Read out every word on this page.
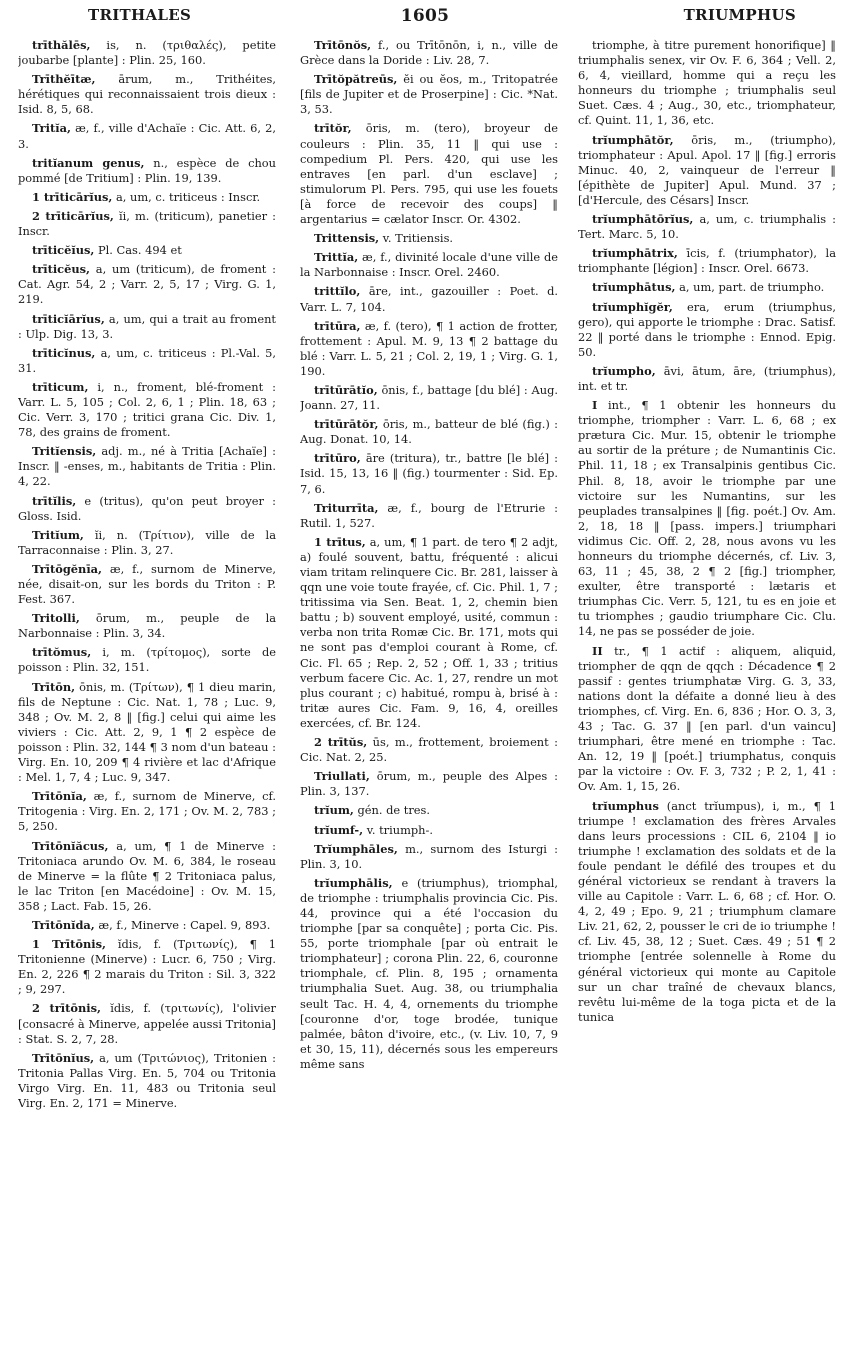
TRITHALES	1605	TRIUMPHUS

trīthălēs, is, n. (τριθαλές), petite joubarbe [plante] : Plin. 25, 160.

Trīthĕītæ, ārum, m., Trithéites, hérétiques qui reconnaissaient trois dieux : Isid. 8, 5, 68.

Tritĭa, æ, f., ville d'Achaïe : Cic. Att. 6, 2, 3.

tritĭanum genus, n., espèce de chou pommé [de Tritium] : Plin. 19, 139.

1 trīticārĭus, a, um, c. triticeus : Inscr.

2 trīticārĭus, ĭi, m. (triticum), panetier : Inscr.

trīticĕĭus, Pl. Cas. 494 et

trīticĕus, a, um (triticum), de froment : Cat. Agr. 54, 2 ; Varr. 2, 5, 17 ; Virg. G. 1, 219.

trīticĭārĭus, a, um, qui a trait au froment : Ulp. Dig. 13, 3.

trīticĭnus, a, um, c. triticeus : Pl.-Val. 5, 31.

trīticum, i, n., froment, blé-froment : Varr. L. 5, 105 ; Col. 2, 6, 1 ; Plin. 18, 63 ; Cic. Verr. 3, 170 ; tritici grana Cic. Div. 1, 78, des grains de froment.

Tritĭensis, adj. m., né à Tritia [Achaïe] : Inscr. ‖ -enses, m., habitants de Tritia : Plin. 4, 22.

trītĭlis, e (tritus), qu'on peut broyer : Gloss. Isid.

Tritĭum, ĭi, n. (Τρίτιον), ville de la Tarraconnaise : Plin. 3, 27.

Trītōgĕnīa, æ, f., surnom de Minerve, née, disait-on, sur les bords du Triton : P. Fest. 367.

Tritolli, ōrum, m., peuple de la Narbonnaise : Plin. 3, 34.

trītŏmus, i, m. (τρίτομος), sorte de poisson : Plin. 32, 151.

Trītōn, ōnis, m. (Τρίτων), ¶ 1 dieu marin, fils de Neptune : Cic. Nat. 1, 78 ; Luc. 9, 348 ; Ov. M. 2, 8 ‖ [fig.] celui qui aime les viviers : Cic. Att. 2, 9, 1 ¶ 2 espèce de poisson : Plin. 32, 144 ¶ 3 nom d'un bateau : Virg. En. 10, 209 ¶ 4 rivière et lac d'Afrique : Mel. 1, 7, 4 ; Luc. 9, 347.

Trītōnĭa, æ, f., surnom de Minerve, cf. Tritogenia : Virg. En. 2, 171 ; Ov. M. 2, 783 ; 5, 250.

Trītōnĭăcus, a, um, ¶ 1 de Minerve : Tritoniaca arundo Ov. M. 6, 384, le roseau de Minerve = la flûte ¶ 2 Tritoniaca palus, le lac Triton [en Macédoine] : Ov. M. 15, 358 ; Lact. Fab. 15, 26.

Trītōnĭda, æ, f., Minerve : Capel. 9, 893.

1 Trītōnis, ĭdis, f. (Τριτωνίς), ¶ 1 Tritonienne (Minerve) : Lucr. 6, 750 ; Virg. En. 2, 226 ¶ 2 marais du Triton : Sil. 3, 322 ; 9, 297.

2 trītōnis, ĭdis, f. (τριτωνίς), l'olivier [consacré à Minerve, appelée aussi Tritonia] : Stat. S. 2, 7, 28.

Trītōnĭus, a, um (Τριτώνιος), Tritonien : Tritonia Pallas Virg. En. 5, 704 ou Tritonia Virgo Virg. En. 11, 483 ou Tritonia seul Virg. En. 2, 171 = Minerve.

Trītōnŏs, f., ou Trītōnōn, i, n., ville de Grèce dans la Doride : Liv. 28, 7.

Trītŏpătreūs, ĕi ou ĕos, m., Tritopatrée [fils de Jupiter et de Proserpine] : Cic. *Nat. 3, 53.

trītŏr, ōris, m. (tero), broyeur de couleurs : Plin. 35, 11 ‖ qui use : compedium Pl. Pers. 420, qui use les entraves [en parl. d'un esclave] ; stimulorum Pl. Pers. 795, qui use les fouets [à force de recevoir des coups] ‖ argentarius = cælator Inscr. Or. 4302.

Trittensis, v. Tritiensis.

Trittĭa, æ, f., divinité locale d'une ville de la Narbonnaise : Inscr. Orel. 2460.

trittĭlo, āre, int., gazouiller : Poet. d. Varr. L. 7, 104.

trītūra, æ, f. (tero), ¶ 1 action de frotter, frottement : Apul. M. 9, 13 ¶ 2 battage du blé : Varr. L. 5, 21 ; Col. 2, 19, 1 ; Virg. G. 1, 190.

trītūrātĭo, ōnis, f., battage [du blé] : Aug. Joann. 27, 11.

trītūrātŏr, ōris, m., batteur de blé (fig.) : Aug. Donat. 10, 14.

trītūro, āre (tritura), tr., battre [le blé] : Isid. 15, 13, 16 ‖ (fig.) tourmenter : Sid. Ep. 7, 6.

Triturrīta, æ, f., bourg de l'Etrurie : Rutil. 1, 527.

1 trītus, a, um, ¶ 1 part. de tero ¶ 2 adjt, a) foulé souvent, battu, fréquenté : alicui viam tritam relinquere Cic. Br. 281, laisser à qqn une voie toute frayée, cf. Cic. Phil. 1, 7 ; tritissima via Sen. Beat. 1, 2, chemin bien battu ; b) souvent employé, usité, commun : verba non trita Romæ Cic. Br. 171, mots qui ne sont pas d'emploi courant à Rome, cf. Cic. Fl. 65 ; Rep. 2, 52 ; Off. 1, 33 ; tritius verbum facere Cic. Ac. 1, 27, rendre un mot plus courant ; c) habitué, rompu à, brisé à : tritæ aures Cic. Fam. 9, 16, 4, oreilles exercées, cf. Br. 124.

2 trītŭs, ūs, m., frottement, broiement : Cic. Nat. 2, 25.

Triullati, ōrum, m., peuple des Alpes : Plin. 3, 137.

trĭum, gén. de tres.

trĭumf-, v. triumph-.

Trĭumphāles, m., surnom des Isturgi : Plin. 3, 10.

trĭumphālis, e (triumphus), triomphal, de triomphe : triumphalis provincia Cic. Pis. 44, province qui a été l'occasion du triomphe [par sa conquête] ; porta Cic. Pis. 55, porte triomphale [par où entrait le triomphateur] ; corona Plin. 22, 6, couronne triomphale, cf. Plin. 8, 195 ; ornamenta triumphalia Suet. Aug. 38, ou triumphalia seult Tac. H. 4, 4, ornements du triomphe [couronne d'or, toge brodée, tunique palmée, bâton d'ivoire, etc., (v. Liv. 10, 7, 9 et 30, 15, 11), décernés sous les empereurs même sans

triomphe, à titre purement honorifique] ‖ triumphalis senex, vir Ov. F. 6, 364 ; Vell. 2, 6, 4, vieillard, homme qui a reçu les honneurs du triomphe ; triumphalis seul Suet. Cæs. 4 ; Aug., 30, etc., triomphateur, cf. Quint. 11, 1, 36, etc.

trĭumphātŏr, ōris, m., (triumpho), triomphateur : Apul. Apol. 17 ‖ [fig.] erroris Minuc. 40, 2, vainqueur de l'erreur ‖ [épithète de Jupiter] Apul. Mund. 37 ; [d'Hercule, des Césars] Inscr.

trĭumphātōrĭus, a, um, c. triumphalis : Tert. Marc. 5, 10.

trĭumphātrix, īcis, f. (triumphator), la triomphante [légion] : Inscr. Orel. 6673.

trĭumphātus, a, um, part. de triumpho.

trĭumphĭgĕr, era, erum (triumphus, gero), qui apporte le triomphe : Drac. Satisf. 22 ‖ porté dans le triomphe : Ennod. Epig. 50.

trĭumpho, āvi, ātum, āre, (triumphus), int. et tr.

I int., ¶ 1 obtenir les honneurs du triomphe, triompher : Varr. L. 6, 68 ; ex prætura Cic. Mur. 15, obtenir le triomphe au sortir de la préture ; de Numantinis Cic. Phil. 11, 18 ; ex Transalpinis gentibus Cic. Phil. 8, 18, avoir le triomphe par une victoire sur les Numantins, sur les peuplades transalpines ‖ [fig. poét.] Ov. Am. 2, 18, 18 ‖ [pass. impers.] triumphari vidimus Cic. Off. 2, 28, nous avons vu les honneurs du triomphe décernés, cf. Liv. 3, 63, 11 ; 45, 38, 2 ¶ 2 [fig.] triompher, exulter, être transporté : lætaris et triumphas Cic. Verr. 5, 121, tu es en joie et tu triomphes ; gaudio triumphare Cic. Clu. 14, ne pas se posséder de joie.

II tr., ¶ 1 actif : aliquem, aliquid, triompher de qqn de qqch : Décadence ¶ 2 passif : gentes triumphatæ Virg. G. 3, 33, nations dont la défaite a donné lieu à des triomphes, cf. Virg. En. 6, 836 ; Hor. O. 3, 3, 43 ; Tac. G. 37 ‖ [en parl. d'un vaincu] triumphari, être mené en triomphe : Tac. An. 12, 19 ‖ [poét.] triumphatus, conquis par la victoire : Ov. F. 3, 732 ; P. 2, 1, 41 : Ov. Am. 1, 15, 26.

trĭumphus (anct trĭumpus), i, m., ¶ 1 triumpe ! exclamation des frères Arvales dans leurs processions : CIL 6, 2104 ‖ io triumphe ! exclamation des soldats et de la foule pendant le défilé des troupes et du général victorieux se rendant à travers la ville au Capitole : Varr. L. 6, 68 ; cf. Hor. O. 4, 2, 49 ; Epo. 9, 21 ; triumphum clamare Liv. 21, 62, 2, pousser le cri de io triumphe ! cf. Liv. 45, 38, 12 ; Suet. Cæs. 49 ; 51 ¶ 2 triomphe [entrée solennelle à Rome du général victorieux qui monte au Capitole sur un char traîné de chevaux blancs, revêtu lui-même de la toga picta et de la tunica
